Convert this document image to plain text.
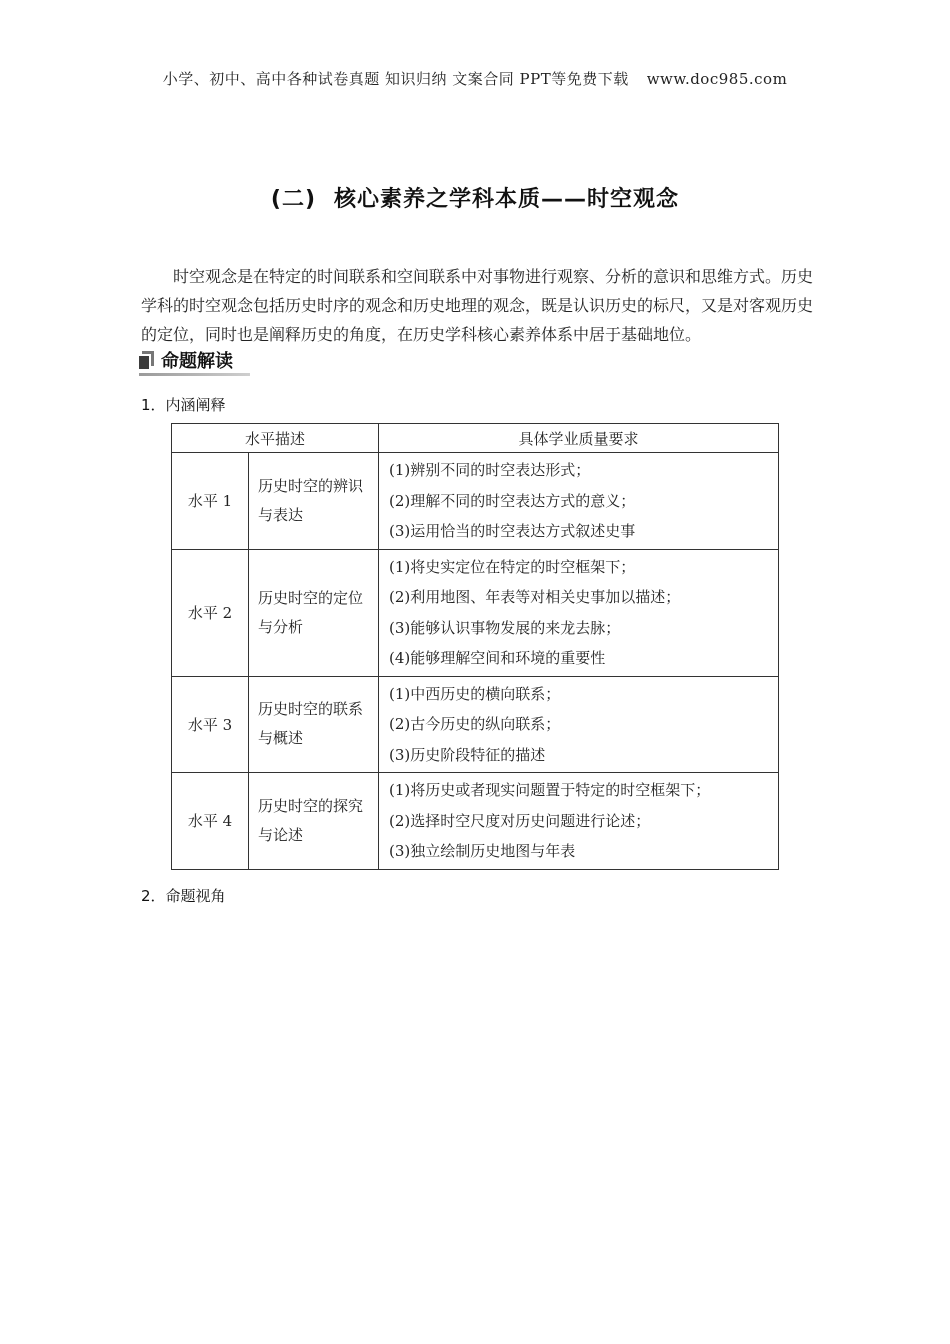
小学、初中、高中各种试卷真题 知识归纳 文案合同 PPT等免费下载 www.doc985.com
(二) 核心素养之学科本质——时空观念
时空观念是在特定的时间联系和空间联系中对事物进行观察、分析的意识和思维方式。历史学科的时空观念包括历史时序的观念和历史地理的观念，既是认识历史的标尺，又是对客观历史的定位，同时也是阐释历史的角度，在历史学科核心素养体系中居于基础地位。
命题解读
1．内涵阐释
水平描述		具体学业质量要求
水平 1	历史时空的辨识与表达	(1)辨别不同的时空表达形式；
(2)理解不同的时空表达方式的意义；
(3)运用恰当的时空表达方式叙述史事

水平 2	历史时空的定位与分析	(1)将史实定位在特定的时空框架下；
(2)利用地图、年表等对相关史事加以描述；
(3)能够认识事物发展的来龙去脉；
(4)能够理解空间和环境的重要性

水平 3	历史时空的联系与概述	(1)中西历史的横向联系；
(2)古今历史的纵向联系；
(3)历史阶段特征的描述

水平 4	历史时空的探究与论述	(1)将历史或者现实问题置于特定的时空框架下；
(2)选择时空尺度对历史问题进行论述；
(3)独立绘制历史地图与年表
2．命题视角
